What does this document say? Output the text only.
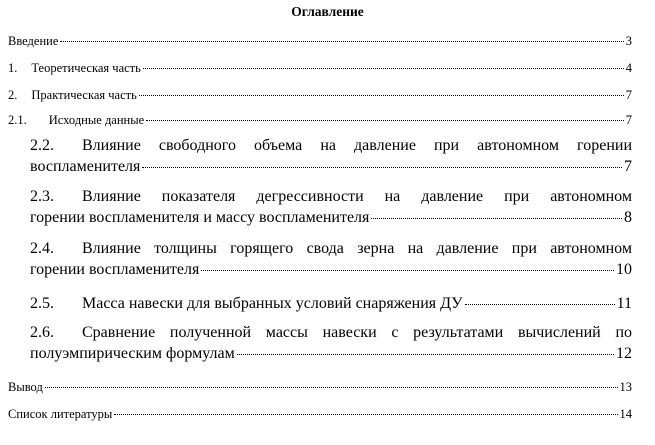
Оглавление
Введение	3
1. Теоретическая часть	4
2. Практическая часть	7
2.1. Исходные данные	7
2.2. Влияние свободного объема на давление при автономном горении
воспламенителя	7
2.3. Влияние показателя дегрессивности на давление при автономном
горении воспламенителя и массу воспламенителя	8
2.4. Влияние толщины горящего свода зерна на давление при автономном
горении воспламенителя	10
2.5.	Масса навески для выбранных условий снаряжения ДУ	11
2.6. Сравнение полученной массы навески с результатами вычислений по
полуэмпирическим формулам	12
Вывод	13
Список литературы	14
